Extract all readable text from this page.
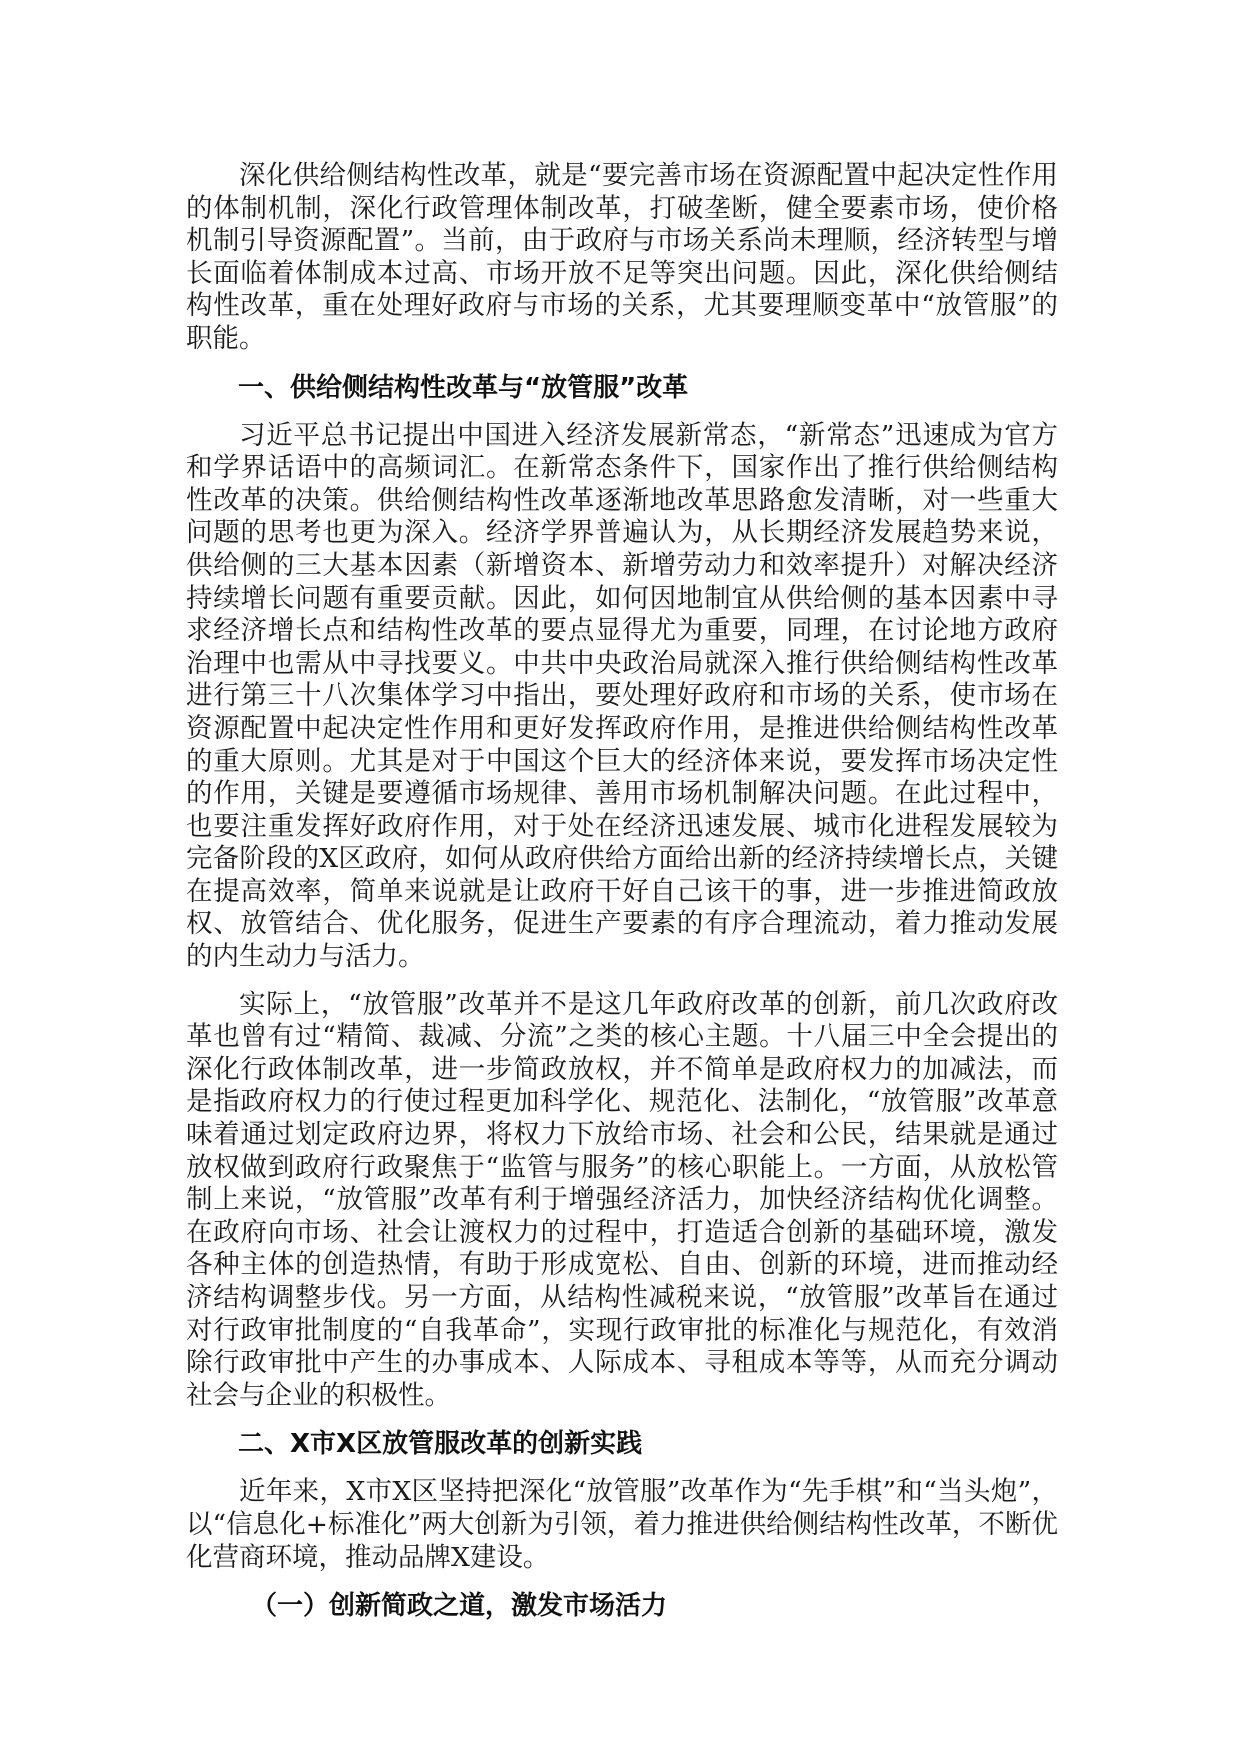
深化供给侧结构性改革，就是“要完善市场在资源配置中起决定性作用的体制机制，深化行政管理体制改革，打破垄断，健全要素市场，使价格机制引导资源配置”。当前，由于政府与市场关系尚未理顺，经济转型与增长面临着体制成本过高、市场开放不足等突出问题。因此，深化供给侧结构性改革，重在处理好政府与市场的关系，尤其要理顺变革中“放管服”的职能。

一、供给侧结构性改革与“放管服”改革

习近平总书记提出中国进入经济发展新常态，“新常态”迅速成为官方和学界话语中的高频词汇。在新常态条件下，国家作出了推行供给侧结构性改革的决策。供给侧结构性改革逐渐地改革思路愈发清晰，对一些重大问题的思考也更为深入。经济学界普遍认为，从长期经济发展趋势来说，供给侧的三大基本因素（新增资本、新增劳动力和效率提升）对解决经济持续增长问题有重要贡献。因此，如何因地制宜从供给侧的基本因素中寻求经济增长点和结构性改革的要点显得尤为重要，同理，在讨论地方政府治理中也需从中寻找要义。中共中央政治局就深入推行供给侧结构性改革进行第三十八次集体学习中指出，要处理好政府和市场的关系，使市场在资源配置中起决定性作用和更好发挥政府作用，是推进供给侧结构性改革的重大原则。尤其是对于中国这个巨大的经济体来说，要发挥市场决定性的作用，关键是要遵循市场规律、善用市场机制解决问题。在此过程中，也要注重发挥好政府作用，对于处在经济迅速发展、城市化进程发展较为完备阶段的X区政府，如何从政府供给方面给出新的经济持续增长点，关键在提高效率，简单来说就是让政府干好自己该干的事，进一步推进简政放权、放管结合、优化服务，促进生产要素的有序合理流动，着力推动发展的内生动力与活力。

实际上，“放管服”改革并不是这几年政府改革的创新，前几次政府改革也曾有过“精简、裁减、分流”之类的核心主题。十八届三中全会提出的深化行政体制改革，进一步简政放权，并不简单是政府权力的加减法，而是指政府权力的行使过程更加科学化、规范化、法制化，“放管服”改革意味着通过划定政府边界，将权力下放给市场、社会和公民，结果就是通过放权做到政府行政聚焦于“监管与服务”的核心职能上。一方面，从放松管制上来说，“放管服”改革有利于增强经济活力，加快经济结构优化调整。在政府向市场、社会让渡权力的过程中，打造适合创新的基础环境，激发各种主体的创造热情，有助于形成宽松、自由、创新的环境，进而推动经济结构调整步伐。另一方面，从结构性减税来说，“放管服”改革旨在通过对行政审批制度的“自我革命”，实现行政审批的标准化与规范化，有效消除行政审批中产生的办事成本、人际成本、寻租成本等等，从而充分调动社会与企业的积极性。

二、X市X区放管服改革的创新实践

近年来，X市X区坚持把深化“放管服”改革作为“先手棋”和“当头炮”，以“信息化+标准化”两大创新为引领，着力推进供给侧结构性改革，不断优化营商环境，推动品牌X建设。

（一）创新简政之道，激发市场活力
